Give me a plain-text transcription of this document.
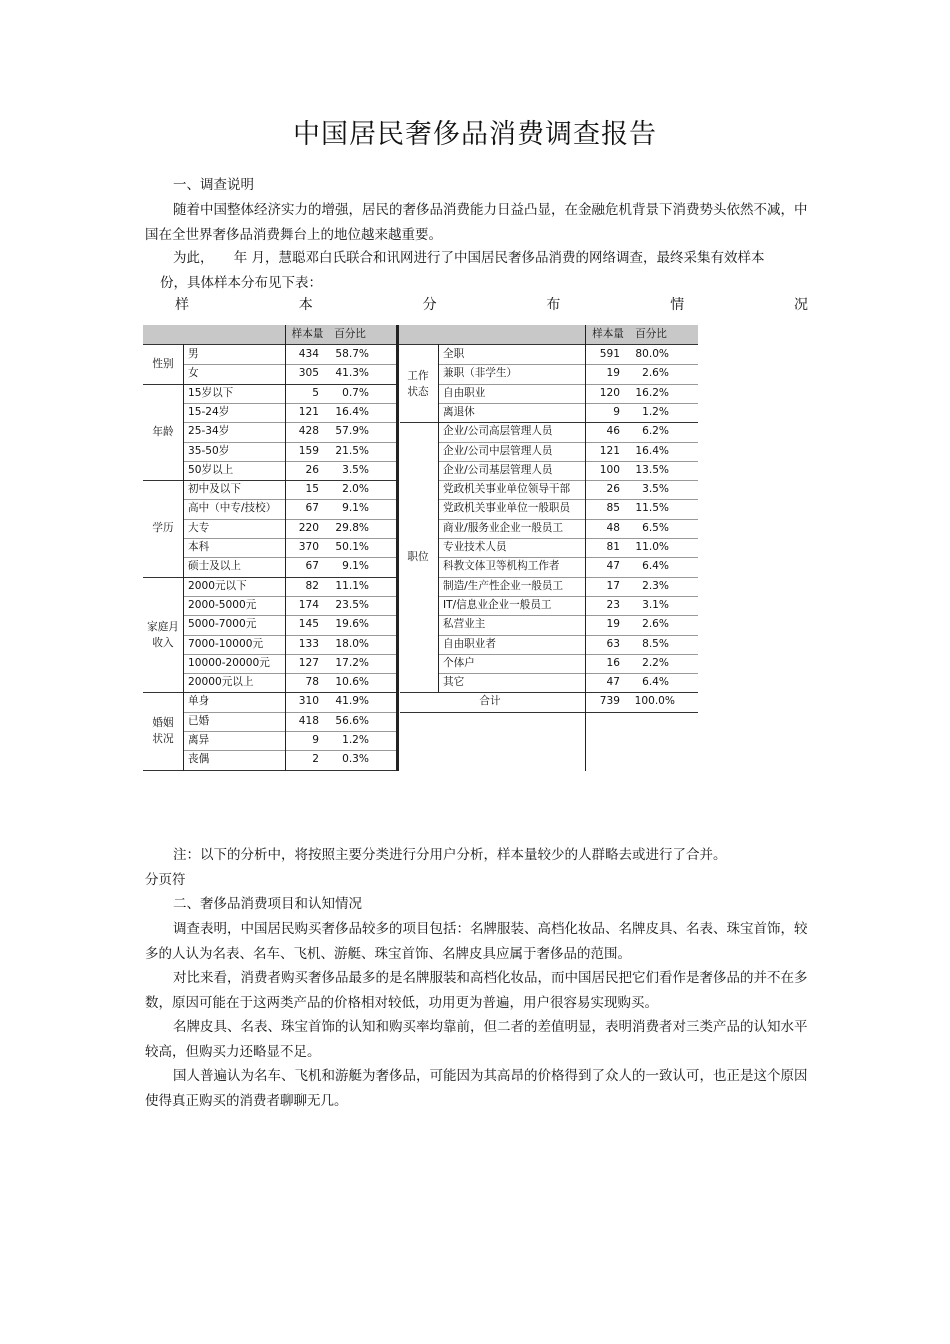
中国居民奢侈品消费调查报告
一、调查说明
随着中国整体经济实力的增强，居民的奢侈品消费能力日益凸显，在金融危机背景下消费势头依然不减，中国在全世界奢侈品消费舞台上的地位越来越重要。
为此，　　年 月，慧聪邓白氏联合和讯网进行了中国居民奢侈品消费的网络调查，最终采集有效样本
份，具体样本分布见下表：
样	本	分	布	情	况
样本量	百分比	样本量	百分比
性别
男	434	58.7%
女	305	41.3%
年龄
15岁以下	5	0.7%
15-24岁	121	16.4%
25-34岁	428	57.9%
35-50岁	159	21.5%
50岁以上	26	3.5%
学历
初中及以下	15	2.0%
高中（中专/技校）	67	9.1%
大专	220	29.8%
本科	370	50.1%
硕士及以上	67	9.1%
家庭月
收入
2000元以下	82	11.1%
2000-5000元	174	23.5%
5000-7000元	145	19.6%
7000-10000元	133	18.0%
10000-20000元	127	17.2%
20000元以上	78	10.6%
婚姻
状况
单身	310	41.9%
已婚	418	56.6%
离异	9	1.2%
丧偶	2	0.3%
工作
状态
全职	591	80.0%
兼职（非学生）	19	2.6%
自由职业	120	16.2%
离退休	9	1.2%
职位
企业/公司高层管理人员	46	6.2%
企业/公司中层管理人员	121	16.4%
企业/公司基层管理人员	100	13.5%
党政机关事业单位领导干部	26	3.5%
党政机关事业单位一般职员	85	11.5%
商业/服务业企业一般员工	48	6.5%
专业技术人员	81	11.0%
科教文体卫等机构工作者	47	6.4%
制造/生产性企业一般员工	17	2.3%
IT/信息业企业一般员工	23	3.1%
私营业主	19	2.6%
自由职业者	63	8.5%
个体户	16	2.2%
其它	47	6.4%
合计	739	100.0%
注：以下的分析中，将按照主要分类进行分用户分析，样本量较少的人群略去或进行了合并。
分页符
二、奢侈品消费项目和认知情况
调查表明，中国居民购买奢侈品较多的项目包括：名牌服装、高档化妆品、名牌皮具、名表、珠宝首饰，较多的人认为名表、名车、飞机、游艇、珠宝首饰、名牌皮具应属于奢侈品的范围。
对比来看，消费者购买奢侈品最多的是名牌服装和高档化妆品，而中国居民把它们看作是奢侈品的并不在多数，原因可能在于这两类产品的价格相对较低，功用更为普遍，用户很容易实现购买。
名牌皮具、名表、珠宝首饰的认知和购买率均靠前，但二者的差值明显，表明消费者对三类产品的认知水平较高，但购买力还略显不足。
国人普遍认为名车、飞机和游艇为奢侈品，可能因为其高昂的价格得到了众人的一致认可，也正是这个原因使得真正购买的消费者聊聊无几。
